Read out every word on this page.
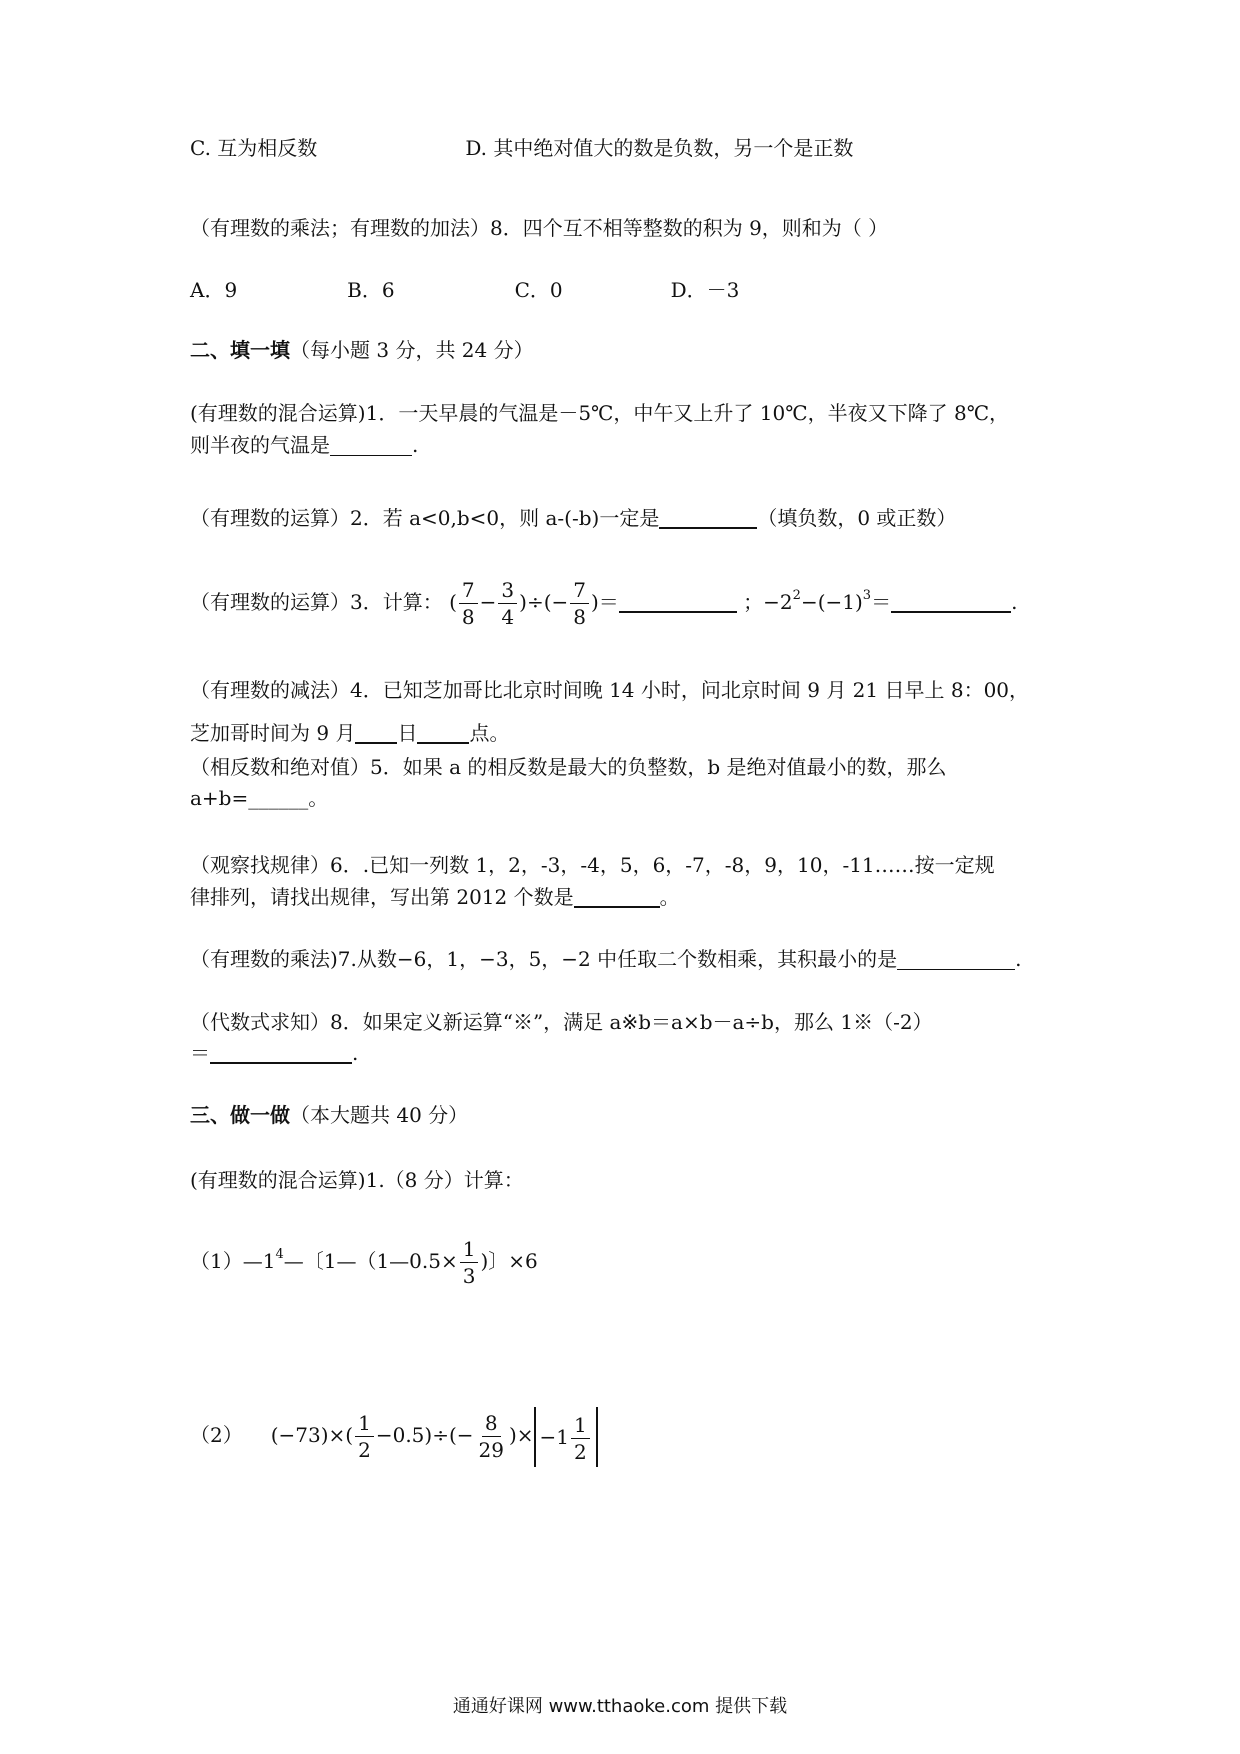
C. 互为相反数	D. 其中绝对值大的数是负数，另一个是正数
（有理数的乘法；有理数的加法）8．四个互不相等整数的积为 9，则和为（ ）
A．9	B．6	C．0	D．－3
二、填一填（每小题 3 分，共 24 分）
(有理数的混合运算)1．一天早晨的气温是－5℃，中午又上升了 10℃，半夜又下降了 8℃，
则半夜的气温是	.
（有理数的运算）2．若 a<0,b<0，则 a-(-b)一定是	（填负数，0 或正数）
（有理数的运算）3．计算： ( $\frac{7}{8} - \frac{3}{4}$ )÷(− $\frac{7}{8}$ )＝	；$-2^2-(-1)^3=$	.
（有理数的减法）4．已知芝加哥比北京时间晚 14 小时，问北京时间 9 月 21 日早上 8：00，
芝加哥时间为 9 月 日	点。
（相反数和绝对值）5．如果 a 的相反数是最大的负整数，b 是绝对值最小的数，那么
a+b=______。
（观察找规律）6．.已知一列数 1，2，-3，-4，5，6，-7，-8，9，10，-11……按一定规
律排列，请找出规律，写出第 2012 个数是	。
（有理数的乘法)7.从数−6，1，−3，5，−2 中任取二个数相乘，其积最小的是	.
（代数式求知）8．如果定义新运算“※”，满足 a※b＝a×b－a÷b，那么 1※（-2）
＝	.
三、做一做（本大题共 40 分）
(有理数的混合运算)1.（8 分）计算：
$(1)—1^4—$〔1—（1—0.5× $\frac{1}{3}$ )〕×6
（2） $(-73)\times( \frac{1}{2} -0.5)\div(- \frac{8}{29}$ )× $-1 \frac{1}{2}$
通通好课网 www.tthaoke.com 提供下载
